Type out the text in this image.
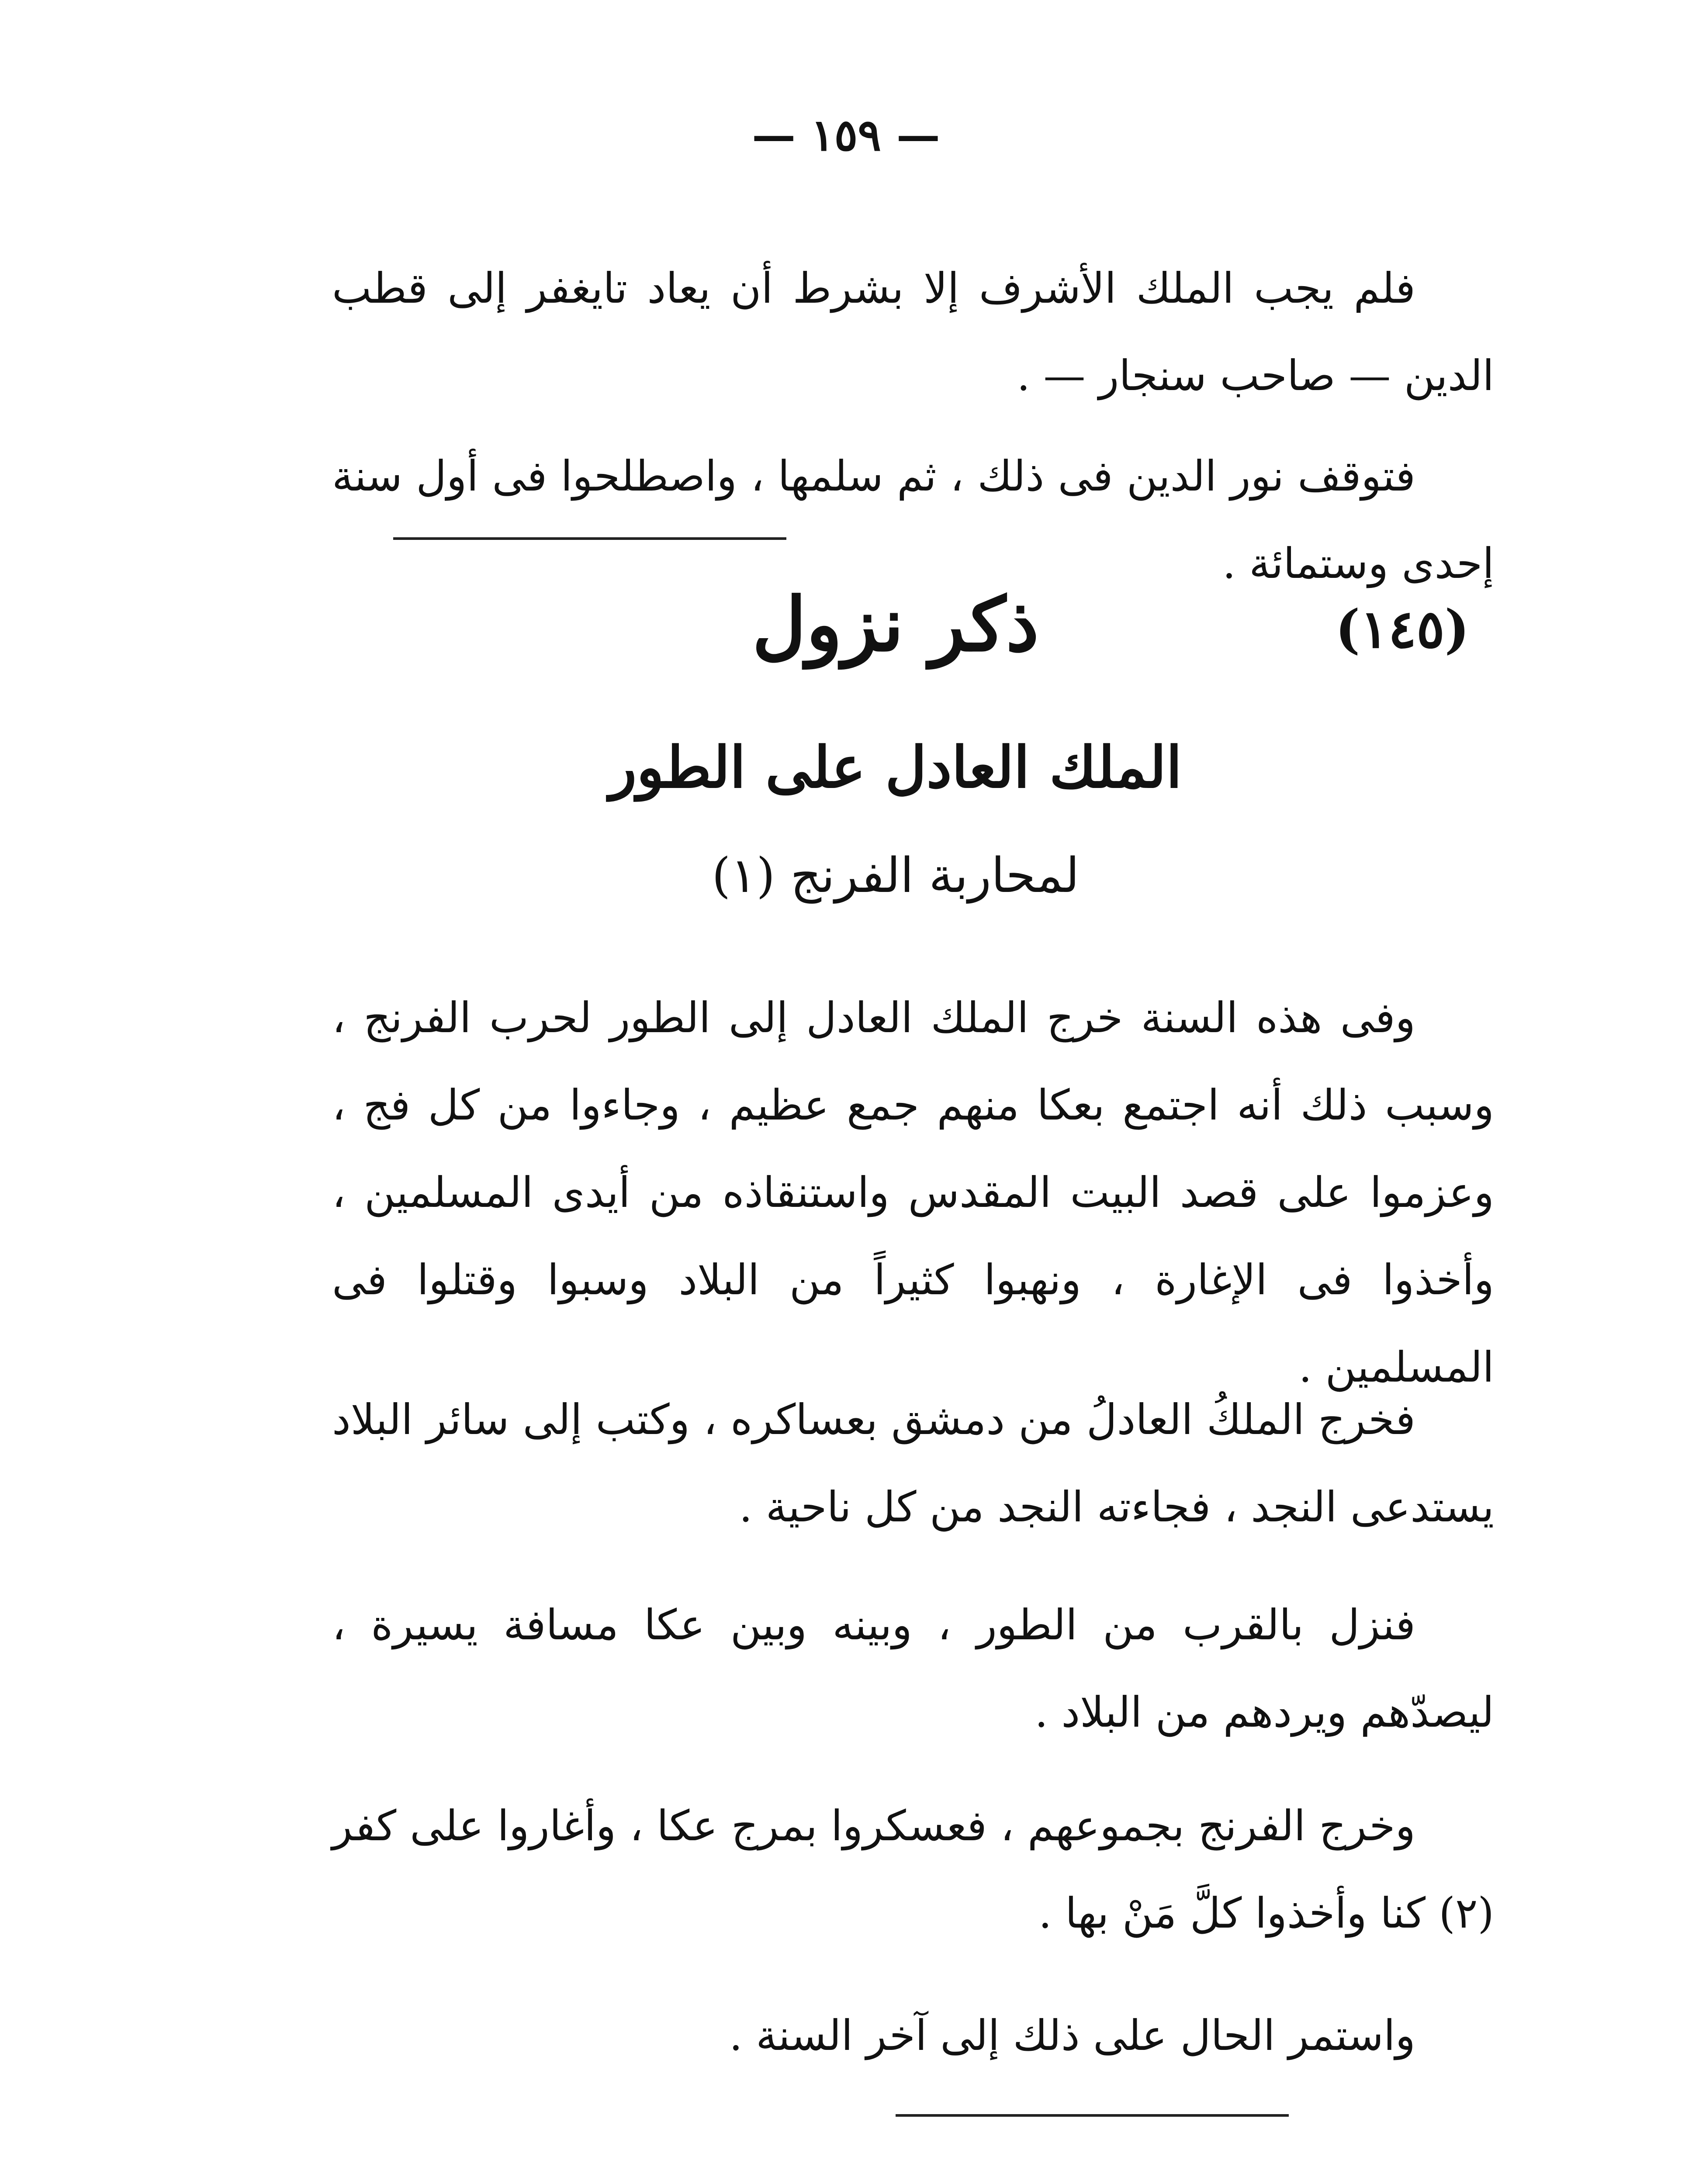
— ١٥٩ —

فلم يجب الملك الأشرف إلا بشرط أن يعاد تايغفر إلى قطب الدين — صاحب سنجار — .

فتوقف نور الدين فى ذلك ، ثم سلمها ، واصطلحوا فى أول سنة إحدى وستمائة .

(١٤٥)
ذكر نزول
الملك العادل على الطور
لمحاربة الفرنج (١)

وفى هذه السنة خرج الملك العادل إلى الطور لحرب الفرنج ، وسبب ذلك أنه اجتمع بعكا منهم جمع عظيم ، وجاءوا من كل فج ، وعزموا على قصد البيت المقدس واستنقاذه من أيدى المسلمين ، وأخذوا فى الإغارة ، ونهبوا كثيراً من البلاد وسبوا وقتلوا فى المسلمين .

فخرج الملكُ العادلُ من دمشق بعساكره ، وكتب إلى سائر البلاد يستدعى النجد ، فجاءته النجد من كل ناحية .

فنزل بالقرب من الطور ، وبينه وبين عكا مسافة يسيرة ، ليصدّهم ويردهم من البلاد .

وخرج الفرنج بجموعهم ، فعسكروا بمرج عكا ، وأغاروا على كفر (٢) كنا وأخذوا كلَّ مَنْ بها .

واستمر الحال على ذلك إلى آخر السنة .
